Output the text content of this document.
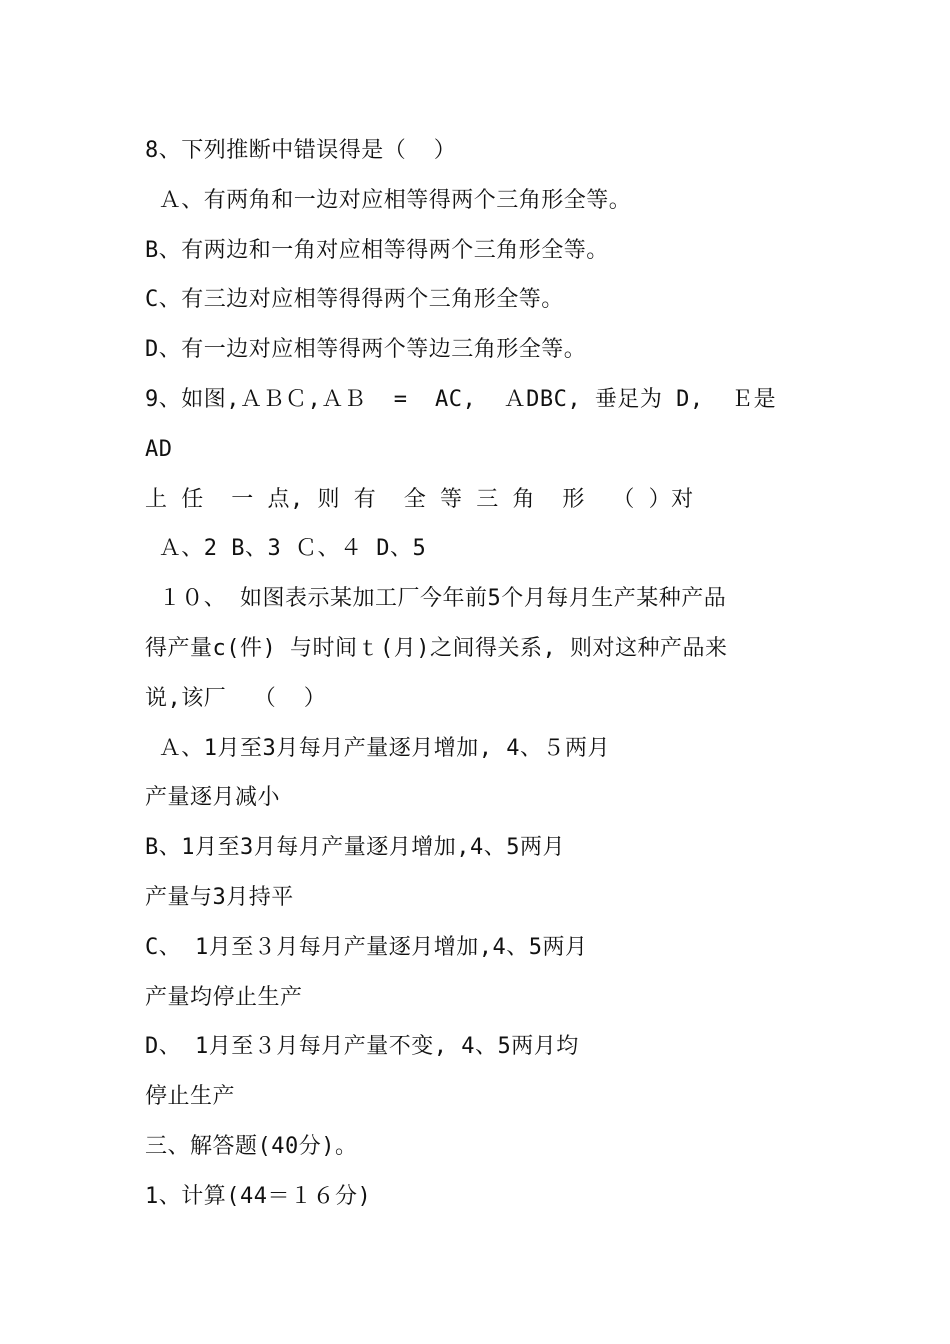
8、下列推断中错误得是（  ）
Ａ、有两角和一边对应相等得两个三角形全等。
B、有两边和一角对应相等得两个三角形全等。
C、有三边对应相等得得两个三角形全等。
D、有一边对应相等得两个等边三角形全等。
9、如图,ＡＢＣ,ＡＢ  =  AC,  ＡDBC, 垂足为 D,  Ｅ是
AD
上 任  一 点, 则 有  全 等 三 角  形  （ ）对
Ａ、2 B、3 Ｃ、４ D、5
１０、 如图表示某加工厂今年前5个月每月生产某种产品
得产量c(件) 与时间ｔ(月)之间得关系, 则对这种产品来
说,该厂  （  ）
Ａ、1月至3月每月产量逐月增加, 4、５两月
产量逐月减小
B、1月至3月每月产量逐月增加,4、5两月
产量与3月持平
C、 1月至３月每月产量逐月增加,4、5两月
产量均停止生产
D、 1月至３月每月产量不变, 4、5两月均
停止生产
三、解答题(40分)。
1、计算(44＝１６分)
